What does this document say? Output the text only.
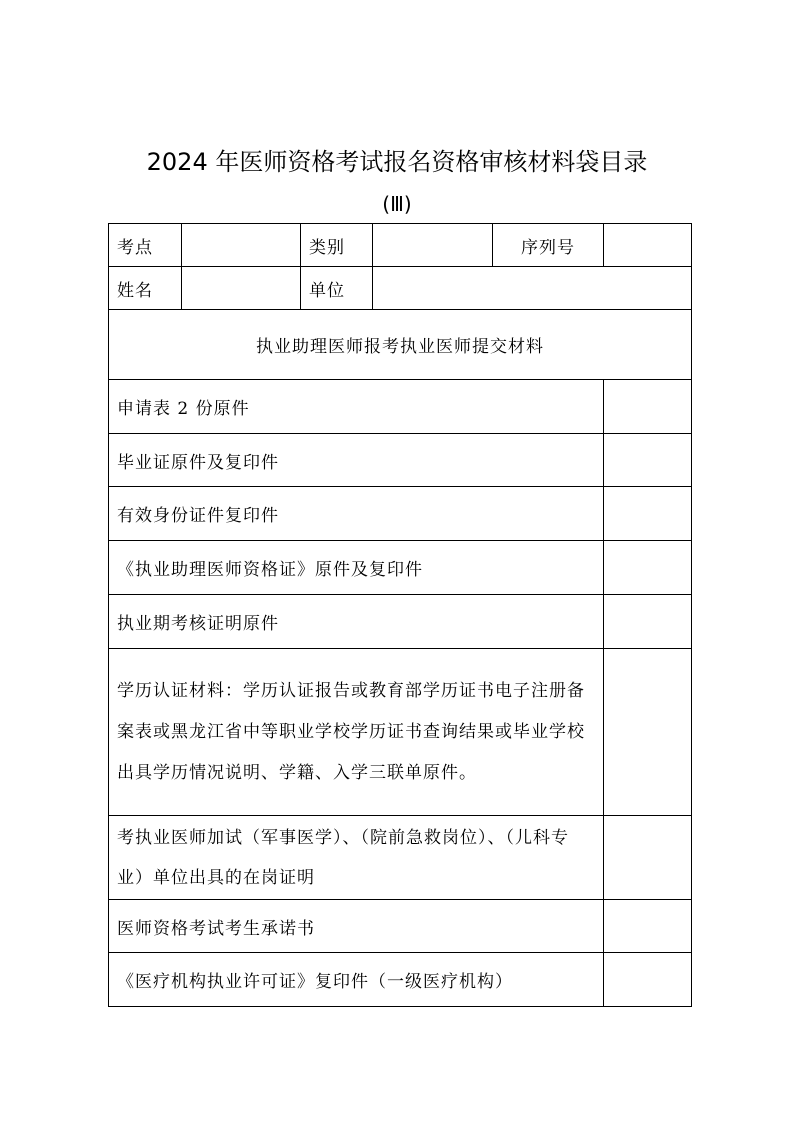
2024 年医师资格考试报名资格审核材料袋目录
(Ⅲ)
考点		类别		序列号	
姓名		单位			
执业助理医师报考执业医师提交材料					
申请表 2 份原件					
毕业证原件及复印件					
有效身份证件复印件					
《执业助理医师资格证》原件及复印件					
执业期考核证明原件					
学历认证材料：学历认证报告或教育部学历证书电子注册备案表或黑龙江省中等职业学校学历证书查询结果或毕业学校出具学历情况说明、学籍、入学三联单原件。					
考执业医师加试（军事医学）、（院前急救岗位）、（儿科专业）单位出具的在岗证明					
医师资格考试考生承诺书					
《医疗机构执业许可证》复印件（一级医疗机构）					
